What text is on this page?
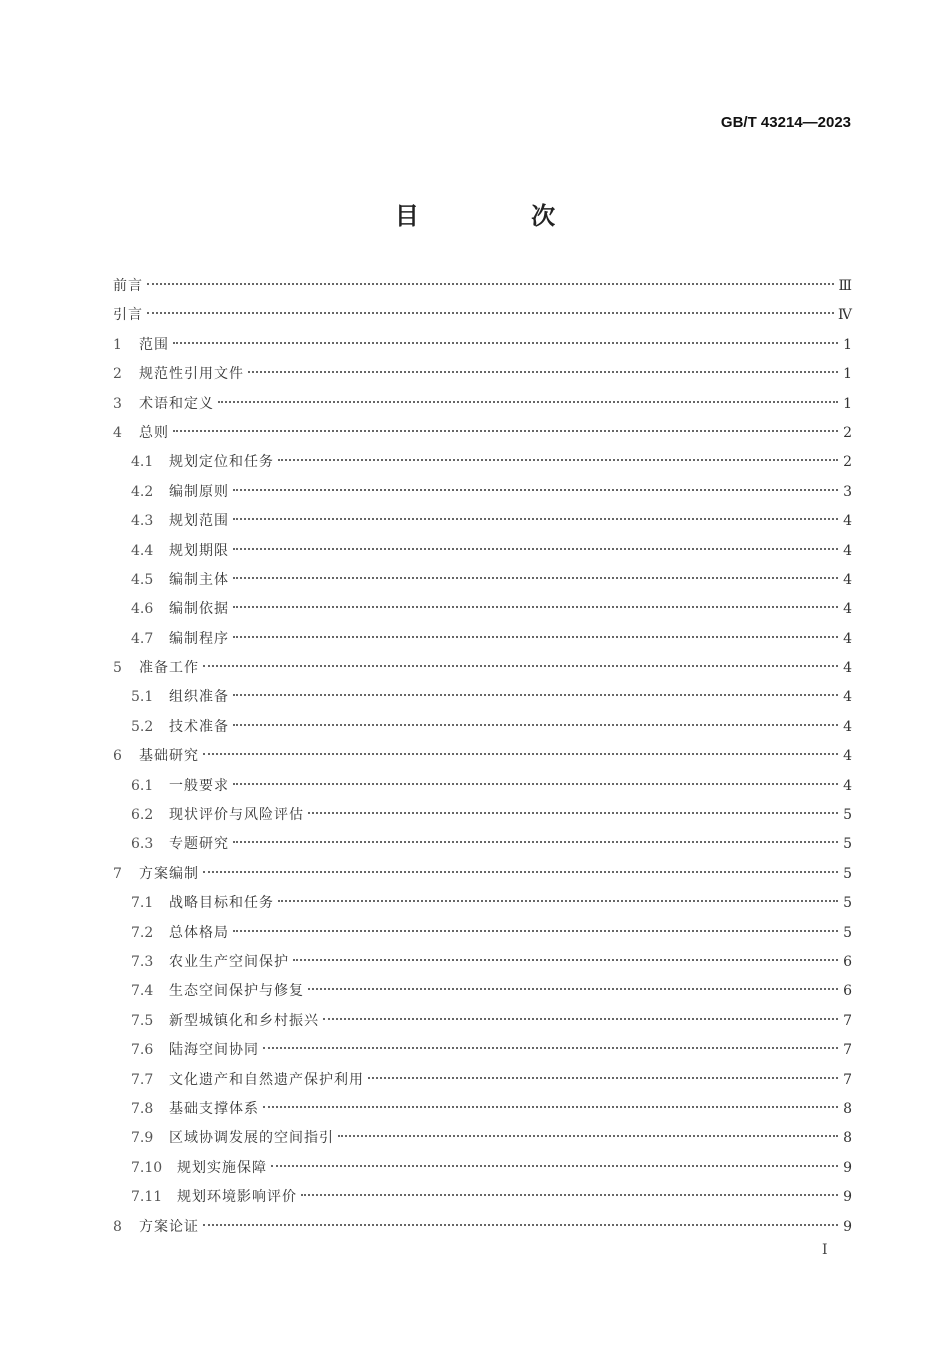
GB/T 43214—2023
目 次
前言	Ⅲ
引言	Ⅳ
1	范围	1
2	规范性引用文件	1
3	术语和定义	1
4	总则	2
4.1	规划定位和任务	2
4.2	编制原则	3
4.3	规划范围	4
4.4	规划期限	4
4.5	编制主体	4
4.6	编制依据	4
4.7	编制程序	4
5	准备工作	4
5.1	组织准备	4
5.2	技术准备	4
6	基础研究	4
6.1	一般要求	4
6.2	现状评价与风险评估	5
6.3	专题研究	5
7	方案编制	5
7.1	战略目标和任务	5
7.2	总体格局	5
7.3	农业生产空间保护	6
7.4	生态空间保护与修复	6
7.5	新型城镇化和乡村振兴	7
7.6	陆海空间协同	7
7.7	文化遗产和自然遗产保护利用	7
7.8	基础支撑体系	8
7.9	区域协调发展的空间指引	8
7.10	规划实施保障	9
7.11	规划环境影响评价	9
8	方案论证	9
I
